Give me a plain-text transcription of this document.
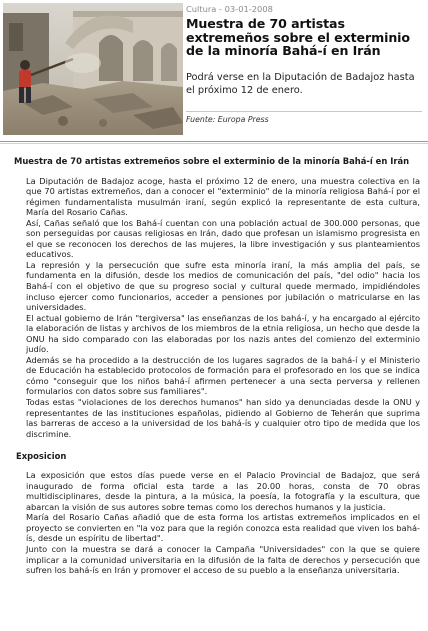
Cultura - 03-01-2008
Muestra de 70 artistas extremeños sobre el exterminio de la minoría Bahá-í en Irán
Podrá verse en la Diputación de Badajoz hasta el próximo 12 de enero.
Fuente: Europa Press
Muestra de 70 artistas extremeños sobre el exterminio de la minoría Bahá-í en Irán

La Diputación de Badajoz acoge, hasta el próximo 12 de enero, una muestra colectiva en la que 70 artistas extremeños, dan a conocer el "exterminio" de la minoría religiosa Bahá-í por el régimen fundamentalista musulmán iraní, según explicó la representante de esta cultura, María del Rosario Cañas.

Así, Cañas señaló que los Bahá-í cuentan con una población actual de 300.000 personas, que son perseguidas por causas religiosas en Irán, dado que profesan un islamismo progresista en el que se reconocen los derechos de las mujeres, la libre investigación y sus planteamientos educativos.

La represión y la persecución que sufre esta minoría iraní, la más amplia del país, se fundamenta en la difusión, desde los medios de comunicación del país, "del odio" hacia los Bahá-í con el objetivo de que su progreso social y cultural quede mermado, impidiéndoles incluso ejercer como funcionarios, acceder a pensiones por jubilación o matricularse en las universidades.

El actual gobierno de Irán "tergiversa" las enseñanzas de los bahá-í, y ha encargado al ejército la elaboración de listas y archivos de los miembros de la etnia religiosa, un hecho que desde la ONU ha sido comparado con las elaboradas por los nazis antes del comienzo del exterminio judío.

Además se ha procedido a la destrucción de los lugares sagrados de la bahá-í y el Ministerio de Educación ha establecido protocolos de formación para el profesorado en los que se indica cómo "conseguir que los niños bahá-í afirmen pertenecer a una secta perversa y rellenen formularios con datos sobre sus familiares".

Todas estas "violaciones de los derechos humanos" han sido ya denunciadas desde la ONU y representantes de las instituciones españolas, pidiendo al Gobierno de Teherán que suprima las barreras de acceso a la universidad de los bahá-ís y cualquier otro tipo de medida que los discrimine.

Exposicion

La exposición que estos días puede verse en el Palacio Provincial de Badajoz, que será inaugurado de forma oficial esta tarde a las 20.00 horas, consta de 70 obras multidisciplinares, desde la pintura, a la música, la poesía, la fotografía y la escultura, que abarcan la visión de sus autores sobre temas como los derechos humanos y la justicia.

María del Rosario Cañas añadió que de esta forma los artistas extremeños implicados en el proyecto se convierten en "la voz para que la región conozca esta realidad que viven los bahá-ís, desde un espíritu de libertad".

Junto con la muestra se dará a conocer la Campaña "Universidades" con la que se quiere implicar a la comunidad universitaria en la difusión de la falta de derechos y persecución que sufren los bahá-ís en Irán y promover el acceso de su pueblo a la enseñanza universitaria.
